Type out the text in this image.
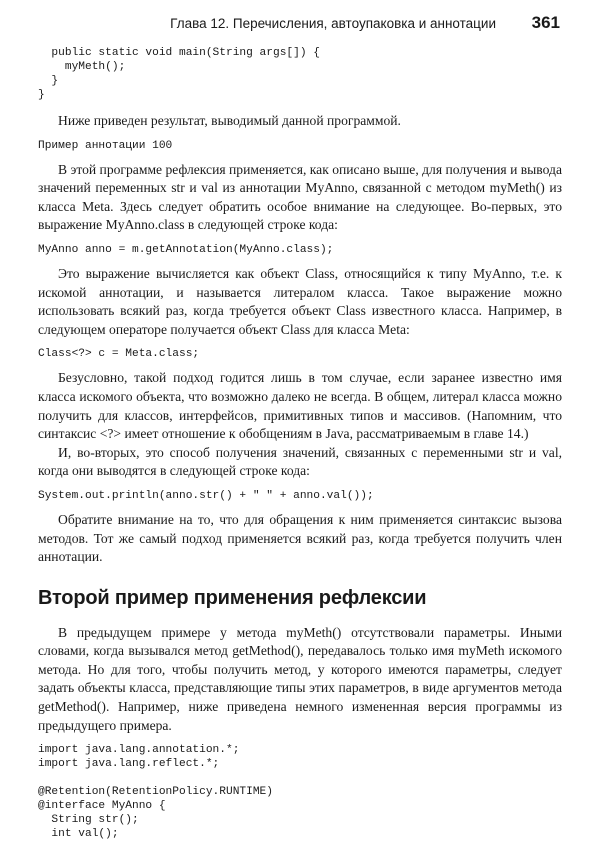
Глава 12. Перечисления, автоупаковка и аннотации 361
public static void main(String args[]) {
myMeth();
}
}

Ниже приведен результат, выводимый данной программой.

Пример аннотации 100

В этой программе рефлексия применяется, как описано выше, для получения и вывода значений переменных str и val из аннотации MyAnno, связанной с методом myMeth() из класса Meta. Здесь следует обратить особое внимание на следующее. Во-первых, это выражение MyAnno.class в следующей строке кода:

MyAnno anno = m.getAnnotation(MyAnno.class);

Это выражение вычисляется как объект Class, относящийся к типу MyAnno, т.е. к искомой аннотации, и называется литералом класса. Такое выражение можно использовать всякий раз, когда требуется объект Class известного класса. Например, в следующем операторе получается объект Class для класса Meta:

Class<?> c = Meta.class;

Безусловно, такой подход годится лишь в том случае, если заранее известно имя класса искомого объекта, что возможно далеко не всегда. В общем, литерал класса можно получить для классов, интерфейсов, примитивных типов и массивов. (Напомним, что синтаксис <?> имеет отношение к обобщениям в Java, рассматриваемым в главе 14.)

И, во-вторых, это способ получения значений, связанных с переменными str и val, когда они выводятся в следующей строке кода:

System.out.println(anno.str() + " " + anno.val());

Обратите внимание на то, что для обращения к ним применяется синтаксис вызова методов. Тот же самый подход применяется всякий раз, когда требуется получить член аннотации.

Второй пример применения рефлексии

В предыдущем примере у метода myMeth() отсутствовали параметры. Иными словами, когда вызывался метод getMethod(), передавалось только имя myMeth искомого метода. Но для того, чтобы получить метод, у которого имеются параметры, следует задать объекты класса, представляющие типы этих параметров, в виде аргументов метода getMethod(). Например, ниже приведена немного измененная версия программы из предыдущего примера.

import java.lang.annotation.*;
import java.lang.reflect.*;

@Retention(RetentionPolicy.RUNTIME)
@interface MyAnno {
String str();
int val();
